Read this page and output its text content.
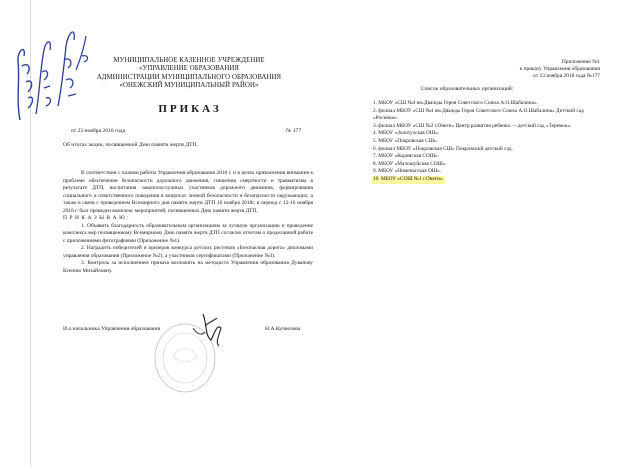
МУНИЦИПАЛЬНОЕ КАЗЕННОЕ УЧРЕЖДЕНИЕ
«УПРАВЛЕНИЕ ОБРАЗОВАНИЯ
АДМИНИСТРАЦИИ МУНИЦИПАЛЬНОГО ОБРАЗОВАНИЯ
«ОНЕЖСКИЙ МУНИЦИПАЛЬНЫЙ РАЙОН»
ПРИКАЗ
от 23 ноября 2018 года	№ 177
Об итогах акции, посвященной Дню памяти жертв ДТП.

В соответствии с планом работы Управления образования 2018 г. и в целях привлечения внимания к проблеме обеспечения безопасности дорожного движения, снижения смертности и травматизма в результате ДТП, воспитания законопослушных участников дорожного движения, формирования социального и ответственного поведения в вопросах личной безопасности и безопасности окружающих, а также в связи с проведением Всемирного дня памяти жертв ДТП 16 ноября 2018г. в период с 12-16 ноября 2018 г. был проведен комплекс мероприятий, посвященных Дню памяти жертв ДТП,

П Р И К А З Ы В А Ю :

1. Объявить благодарность образовательным организациям за лучшую организацию и проведение комплекса мер посвященному Всемирному Дню памяти жертв ДТП согласно отчетам о проделанной работе с приложениями фотографиями (Приложение №1).

2. Наградить победителей и призеров конкурса детских рисунков «Безопасная дорога» дипломами управления образования (Приложение №2), а участников сертификатами (Приложение №3).

3. Контроль за исполнением приказа возложить на методиста Управления образования Дуванову Ксению Михайловну.

И.о.начальника Управления образования	Н.А.Кучкелева
Приложение №1
к приказу Управления образования
от 23 ноября 2018 года №177
Список образовательных организаций:
1. МБОУ «СШ №4 им.Дважды Героя Советского Союза А.О.Шабалина».
2. филиал МБОУ «СШ №4 им.Дважды Героя Советского Союза А.О.Шабалина» Детский сад «Росинка».
3. филиал МБОУ «СШ №2 г.Онеги» Центр развития ребенка — детский сад «Теремок».
4. МБОУ «Золотухская ОШ».
5. МБОУ «Покровская СШ».
6. филиал МБОУ «Покровская СШ» Покровский детский сад.
7. МБОУ «Кодинская СОШ».
8. МБОУ «Малошуйская СОШ».
9. МБОУ «Нименьгская ОШ».
10. МБОУ «СОШ №1 г.Онеги».
